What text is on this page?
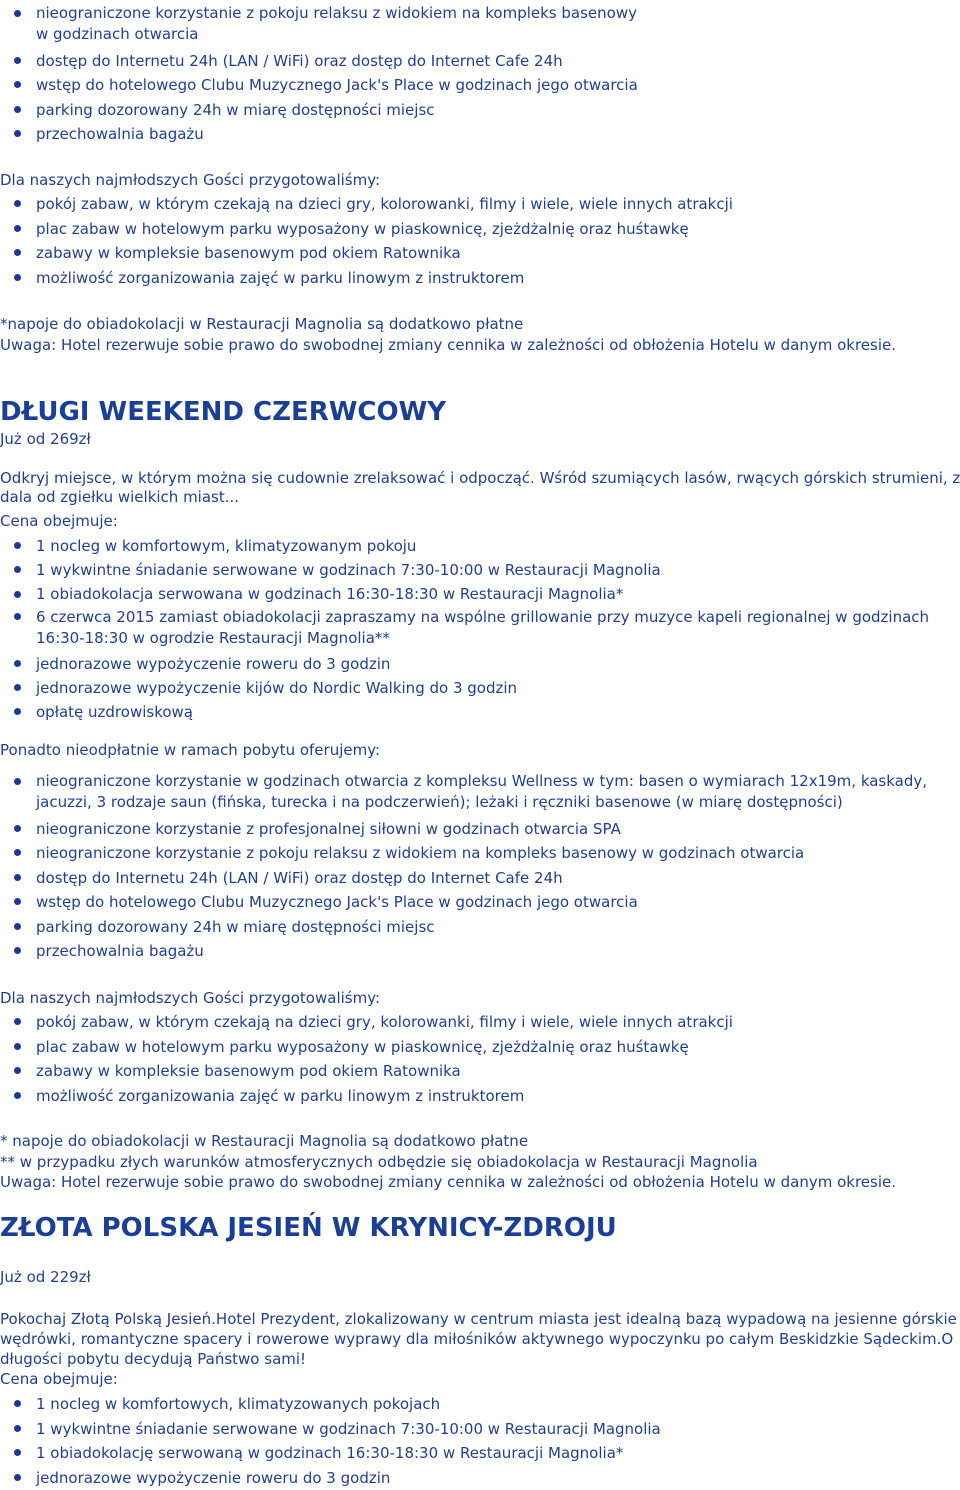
nieograniczone korzystanie z pokoju relaksu z widokiem na kompleks basenowy
w godzinach otwarcia
dostęp do Internetu 24h (LAN / WiFi) oraz dostęp do Internet Cafe 24h
wstęp do hotelowego Clubu Muzycznego Jack's Place w godzinach jego otwarcia
parking dozorowany 24h w miarę dostępności miejsc
przechowalnia bagażu
Dla naszych najmłodszych Gości przygotowaliśmy:
pokój zabaw, w którym czekają na dzieci gry, kolorowanki, filmy i wiele, wiele innych atrakcji
plac zabaw w hotelowym parku wyposażony w piaskownicę, zjeżdżalnię oraz huśtawkę
zabawy w kompleksie basenowym pod okiem Ratownika
możliwość zorganizowania zajęć w parku linowym z instruktorem
*napoje do obiadokolacji w Restauracji Magnolia są dodatkowo płatne
Uwaga: Hotel rezerwuje sobie prawo do swobodnej zmiany cennika w zależności od obłożenia Hotelu w danym okresie.
DŁUGI WEEKEND CZERWCOWY
Już od 269zł
Odkryj miejsce, w którym można się cudownie zrelaksować i odpocząć. Wśród szumiących lasów, rwących górskich strumieni, z
dala od zgiełku wielkich miast...
Cena obejmuje:
1 nocleg w komfortowym, klimatyzowanym pokoju
1 wykwintne śniadanie serwowane w godzinach 7:30-10:00 w Restauracji Magnolia
1 obiadokolacja serwowana w godzinach 16:30-18:30 w Restauracji Magnolia*
6 czerwca 2015 zamiast obiadokolacji zapraszamy na wspólne grillowanie przy muzyce kapeli regionalnej w godzinach
16:30-18:30 w ogrodzie Restauracji Magnolia**
jednorazowe wypożyczenie roweru do 3 godzin
jednorazowe wypożyczenie kijów do Nordic Walking do 3 godzin
opłatę uzdrowiskową
Ponadto nieodpłatnie w ramach pobytu oferujemy:
nieograniczone korzystanie w godzinach otwarcia z kompleksu Wellness w tym: basen o wymiarach 12x19m, kaskady,
jacuzzi, 3 rodzaje saun (fińska, turecka i na podczerwień); leżaki i ręczniki basenowe (w miarę dostępności)
nieograniczone korzystanie z profesjonalnej siłowni w godzinach otwarcia SPA
nieograniczone korzystanie z pokoju relaksu z widokiem na kompleks basenowy w godzinach otwarcia
dostęp do Internetu 24h (LAN / WiFi) oraz dostęp do Internet Cafe 24h
wstęp do hotelowego Clubu Muzycznego Jack's Place w godzinach jego otwarcia
parking dozorowany 24h w miarę dostępności miejsc
przechowalnia bagażu
Dla naszych najmłodszych Gości przygotowaliśmy:
pokój zabaw, w którym czekają na dzieci gry, kolorowanki, filmy i wiele, wiele innych atrakcji
plac zabaw w hotelowym parku wyposażony w piaskownicę, zjeżdżalnię oraz huśtawkę
zabawy w kompleksie basenowym pod okiem Ratownika
możliwość zorganizowania zajęć w parku linowym z instruktorem
* napoje do obiadokolacji w Restauracji Magnolia są dodatkowo płatne
** w przypadku złych warunków atmosferycznych odbędzie się obiadokolacja w Restauracji Magnolia
Uwaga: Hotel rezerwuje sobie prawo do swobodnej zmiany cennika w zależności od obłożenia Hotelu w danym okresie.
ZŁOTA POLSKA JESIEŃ W KRYNICY-ZDROJU
Już od 229zł
Pokochaj Złotą Polską Jesień.Hotel Prezydent, zlokalizowany w centrum miasta jest idealną bazą wypadową na jesienne górskie
wędrówki, romantyczne spacery i rowerowe wyprawy dla miłośników aktywnego wypoczynku po całym Beskidzkie Sądeckim.O
długości pobytu decydują Państwo sami!
Cena obejmuje:
1 nocleg w komfortowych, klimatyzowanych pokojach
1 wykwintne śniadanie serwowane w godzinach 7:30-10:00 w Restauracji Magnolia
1 obiadokolację serwowaną w godzinach 16:30-18:30 w Restauracji Magnolia*
jednorazowe wypożyczenie roweru do 3 godzin
